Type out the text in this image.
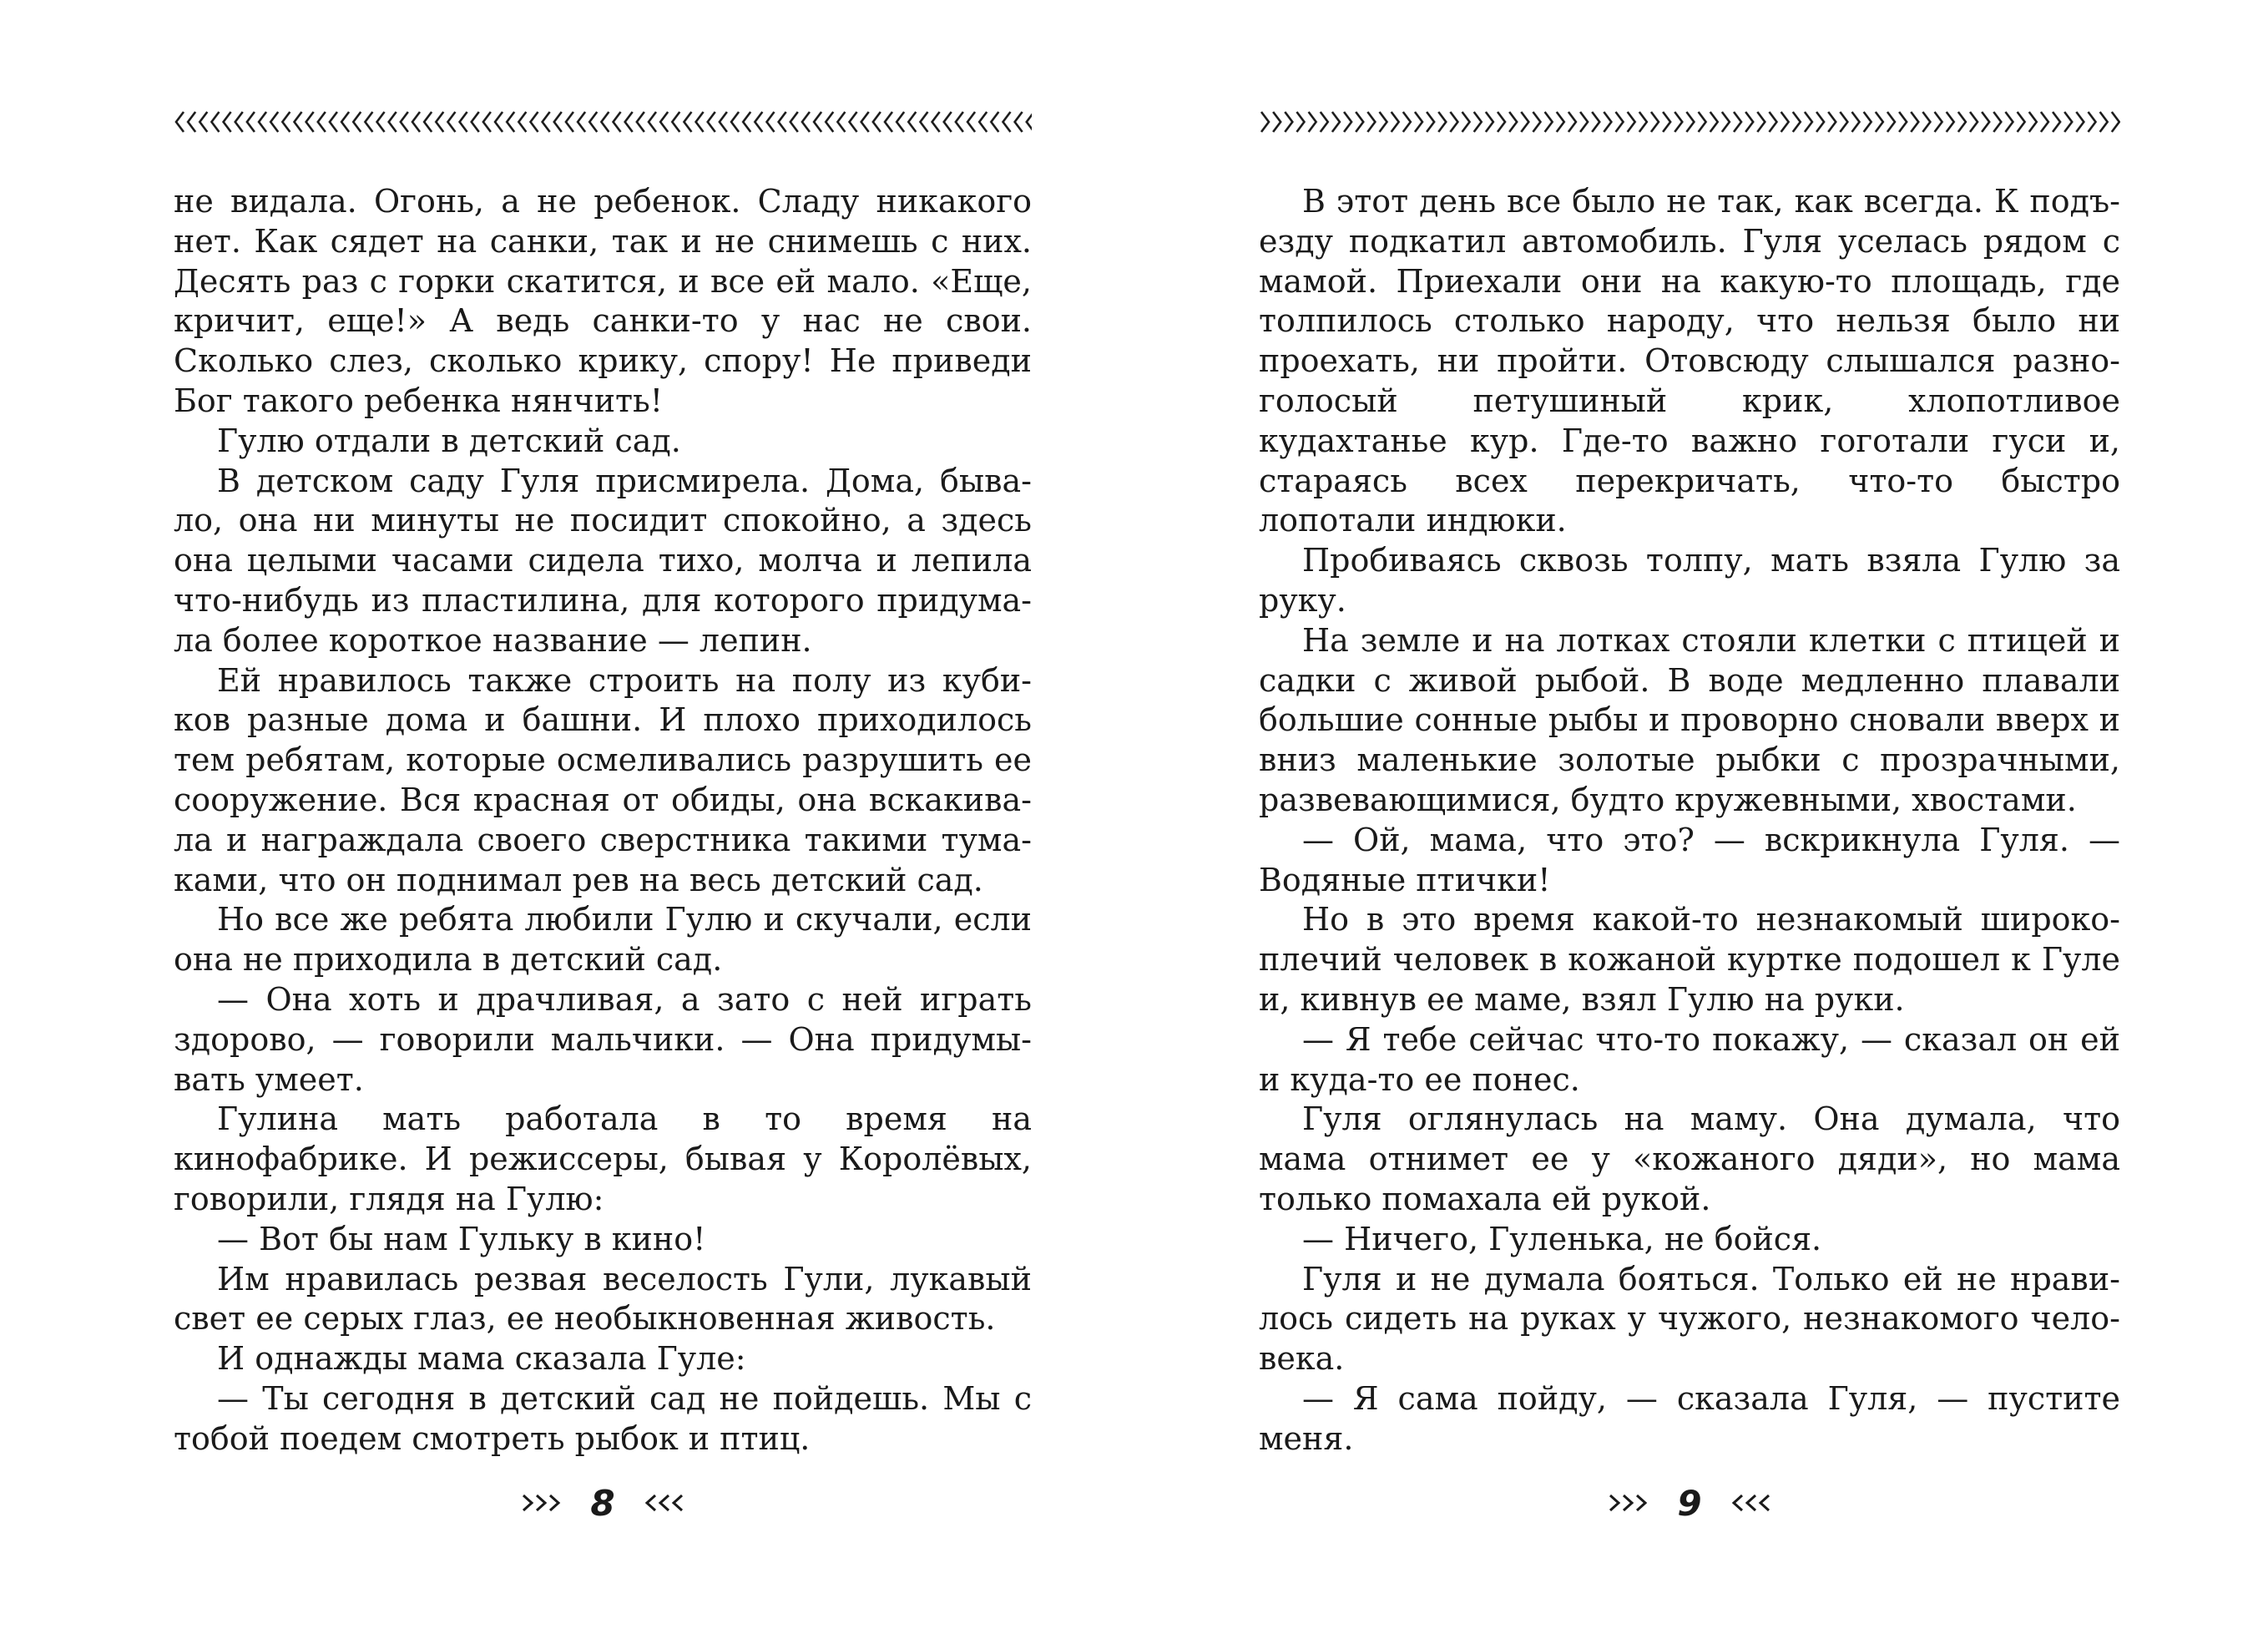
не видала. Огонь, а не ребенок. Сладу никакого нет. Как сядет на санки, так и не снимешь с них. Десять раз с горки скатится, и все ей мало. «Еще, кричит, еще!» А ведь санки-то у нас не свои. Сколько слез, сколько крику, спору! Не приведи Бог такого ребенка нянчить!

Гулю отдали в детский сад.

В детском саду Гуля присмирела. Дома, бывало, она ни минуты не посидит спокойно, а здесь она целыми часами сидела тихо, молча и лепила что-нибудь из пластилина, для которого придумала более короткое название — лепин.

Ей нравилось также строить на полу из кубиков разные дома и башни. И плохо приходилось тем ребятам, которые осмеливались разрушить ее сооружение. Вся красная от обиды, она вскакивала и награждала своего сверстника такими тумаками, что он поднимал рев на весь детский сад.

Но все же ребята любили Гулю и скучали, если она не приходила в детский сад.

— Она хоть и драчливая, а зато с ней играть здорово, — говорили мальчики. — Она придумывать умеет.

Гулина мать работала в то время на кинофабрике. И режиссеры, бывая у Королёвых, говорили, глядя на Гулю:

— Вот бы нам Гульку в кино!

Им нравилась резвая веселость Гули, лукавый свет ее серых глаз, ее необыкновенная живость.

И однажды мама сказала Гуле:

— Ты сегодня в детский сад не пойдешь. Мы с тобой поедем смотреть рыбок и птиц.

8

В этот день все было не так, как всегда. К подъезду подкатил автомобиль. Гуля уселась рядом с мамой. Приехали они на какую-то площадь, где толпилось столько народу, что нельзя было ни проехать, ни пройти. Отовсюду слышался разноголосый петушиный крик, хлопотливое кудахтанье кур. Где-то важно гоготали гуси и, стараясь всех перекричать, что-то быстро лопотали индюки.

Пробиваясь сквозь толпу, мать взяла Гулю за руку.

На земле и на лотках стояли клетки с птицей и садки с живой рыбой. В воде медленно плавали большие сонные рыбы и проворно сновали вверх и вниз маленькие золотые рыбки с прозрачными, развевающимися, будто кружевными, хвостами.

— Ой, мама, что это? — вскрикнула Гуля. — Водяные птички!

Но в это время какой-то незнакомый широкоплечий человек в кожаной куртке подошел к Гуле и, кивнув ее маме, взял Гулю на руки.

— Я тебе сейчас что-то покажу, — сказал он ей и куда-то ее понес.

Гуля оглянулась на маму. Она думала, что мама отнимет ее у «кожаного дяди», но мама только помахала ей рукой.

— Ничего, Гуленька, не бойся.

Гуля и не думала бояться. Только ей не нравилось сидеть на руках у чужого, незнакомого человека.

— Я сама пойду, — сказала Гуля, — пустите меня.

9
